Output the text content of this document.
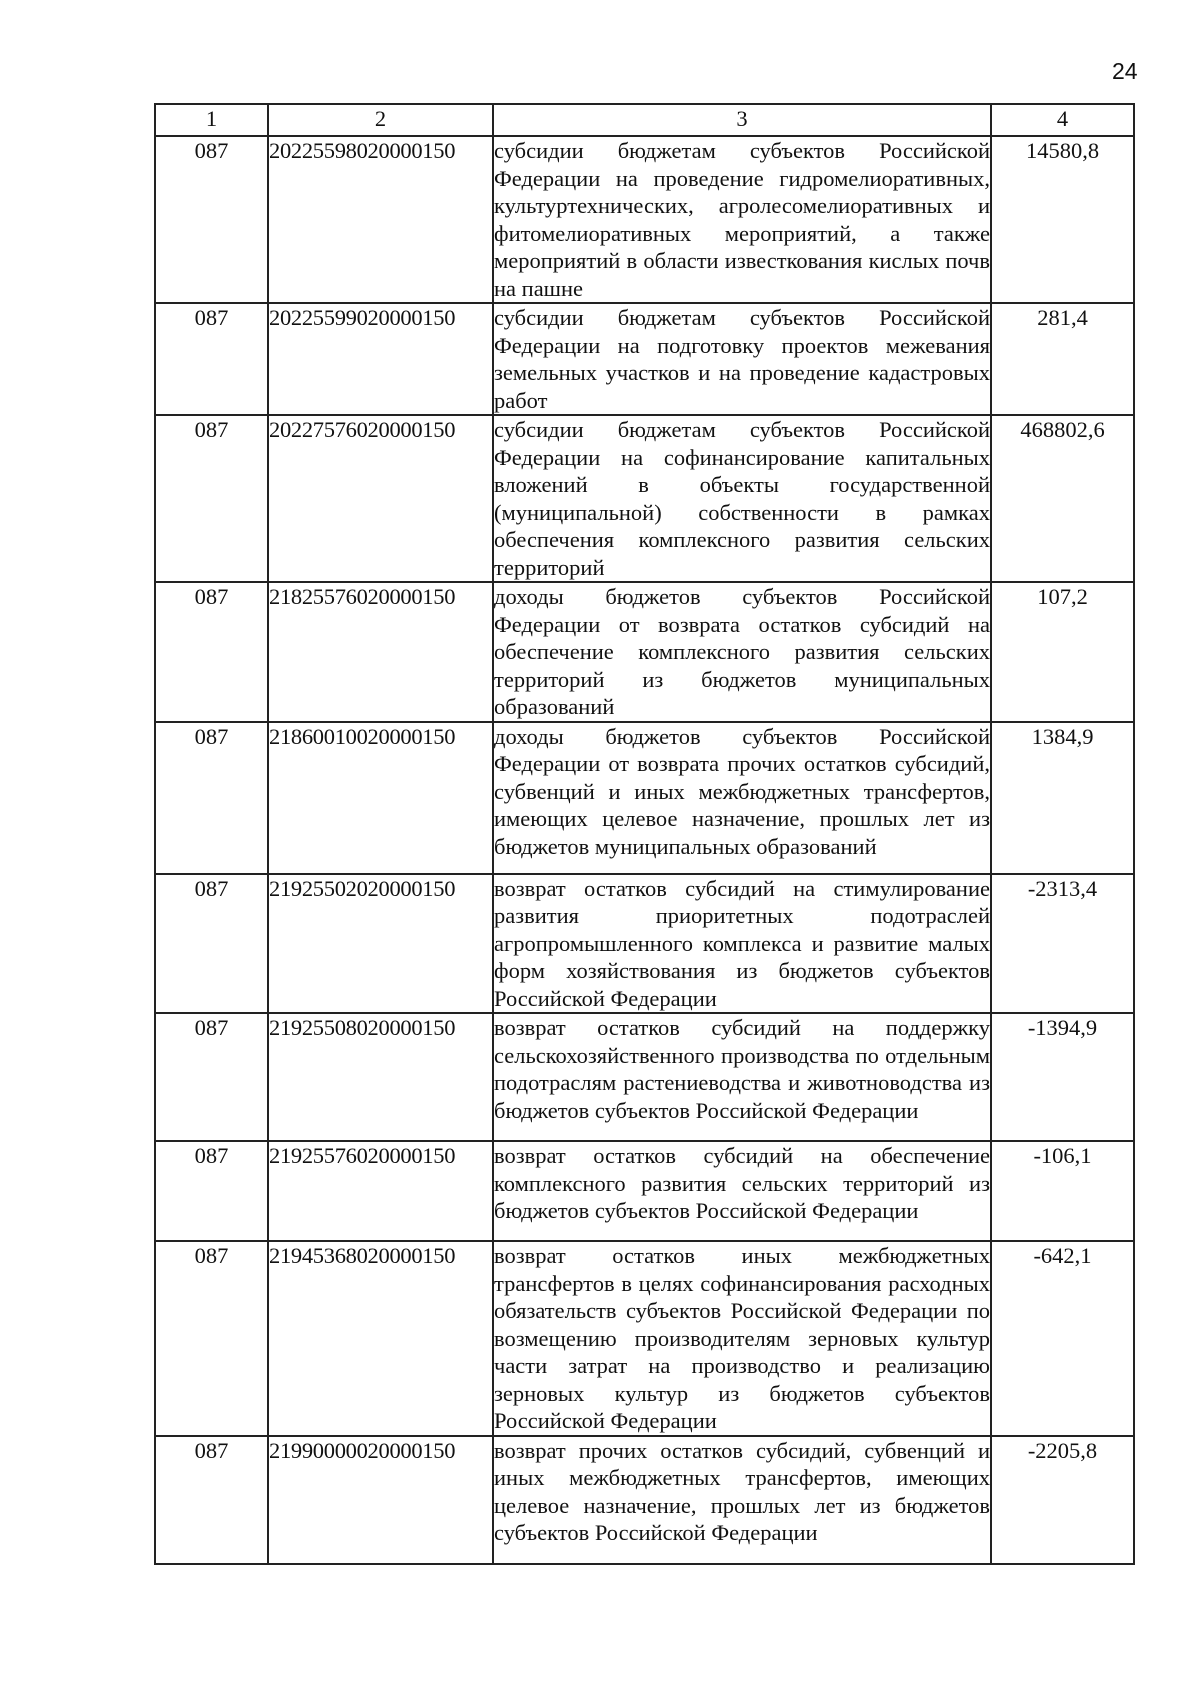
24
1	2	3	4
087	20225598020000150	субсидии бюджетам субъектов Российской Федерации на проведение гидромелиоративных, культуртехнических, агролесомелиоративных и фитомелиоративных мероприятий, а также мероприятий в области известкования кислых почв на пашне	14580,8
087	20225599020000150	субсидии бюджетам субъектов Российской Федерации на подготовку проектов межевания земельных участков и на проведение кадастровых работ	281,4
087	20227576020000150	субсидии бюджетам субъектов Российской Федерации на софинансирование капитальных вложений в объекты государственной (муниципальной) собственности в рамках обеспечения комплексного развития сельских территорий	468802,6
087	21825576020000150	доходы бюджетов субъектов Российской Федерации от возврата остатков субсидий на обеспечение комплексного развития сельских территорий из бюджетов муниципальных образований	107,2
087	21860010020000150	доходы бюджетов субъектов Российской Федерации от возврата прочих остатков субсидий, субвенций и иных межбюджетных трансфертов, имеющих целевое назначение, прошлых лет из бюджетов муниципальных образований	1384,9
087	21925502020000150	возврат остатков субсидий на стимулирование развития приоритетных подотраслей агропромышленного комплекса и развитие малых форм хозяйствования из бюджетов субъектов Российской Федерации	-2313,4
087	21925508020000150	возврат остатков субсидий на поддержку сельскохозяйственного производства по отдельным подотраслям растениеводства и животноводства из бюджетов субъектов Российской Федерации	-1394,9
087	21925576020000150	возврат остатков субсидий на обеспечение комплексного развития сельских территорий из бюджетов субъектов Российской Федерации	-106,1
087	21945368020000150	возврат остатков иных межбюджетных трансфертов в целях софинансирования расходных обязательств субъектов Российской Федерации по возмещению производителям зерновых культур части затрат на производство и реализацию зерновых культур из бюджетов субъектов Российской Федерации	-642,1
087	21990000020000150	возврат прочих остатков субсидий, субвенций и иных межбюджетных трансфертов, имеющих целевое назначение, прошлых лет из бюджетов субъектов Российской Федерации	-2205,8
